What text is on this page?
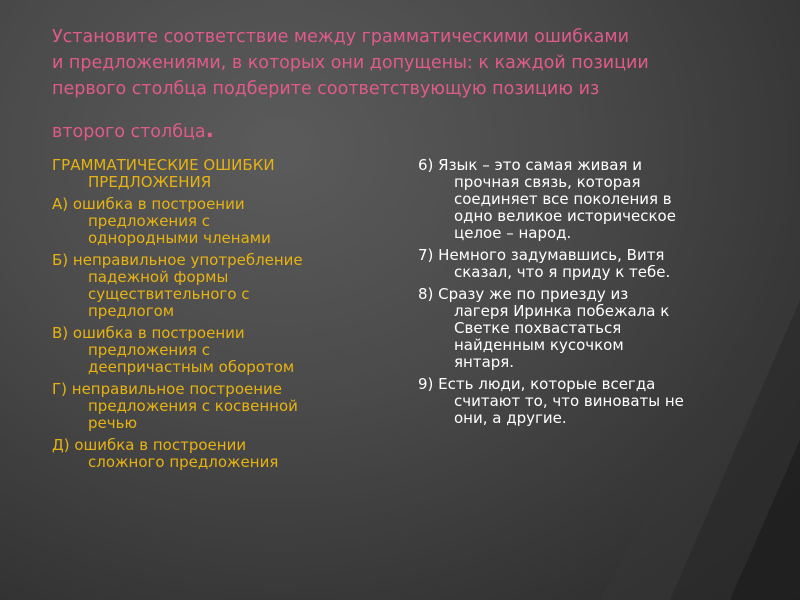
Установите соответствие между грамматическими ошибками
и предложениями, в которых они допущены: к каждой позиции
первого столбца подберите соответствующую позицию из
второго столбца.
ГРАММАТИЧЕСКИЕ ОШИБКИ
ПРЕДЛОЖЕНИЯ
А) ошибка в построении
предложения с
однородными членами
Б) неправильное употребление
падежной формы
существительного с
предлогом
В) ошибка в построении
предложения с
деепричастным оборотом
Г) неправильное построение
предложения с косвенной
речью
Д) ошибка в построении
сложного предложения
6) Язык – это самая живая и
прочная связь, которая
соединяет все поколения в
одно великое историческое
целое – народ.
7) Немного задумавшись, Витя
сказал, что я приду к тебе.
8) Сразу же по приезду из
лагеря Иринка побежала к
Светке похвастаться
найденным кусочком
янтаря.
9) Есть люди, которые всегда
считают то, что виноваты не
они, а другие.
